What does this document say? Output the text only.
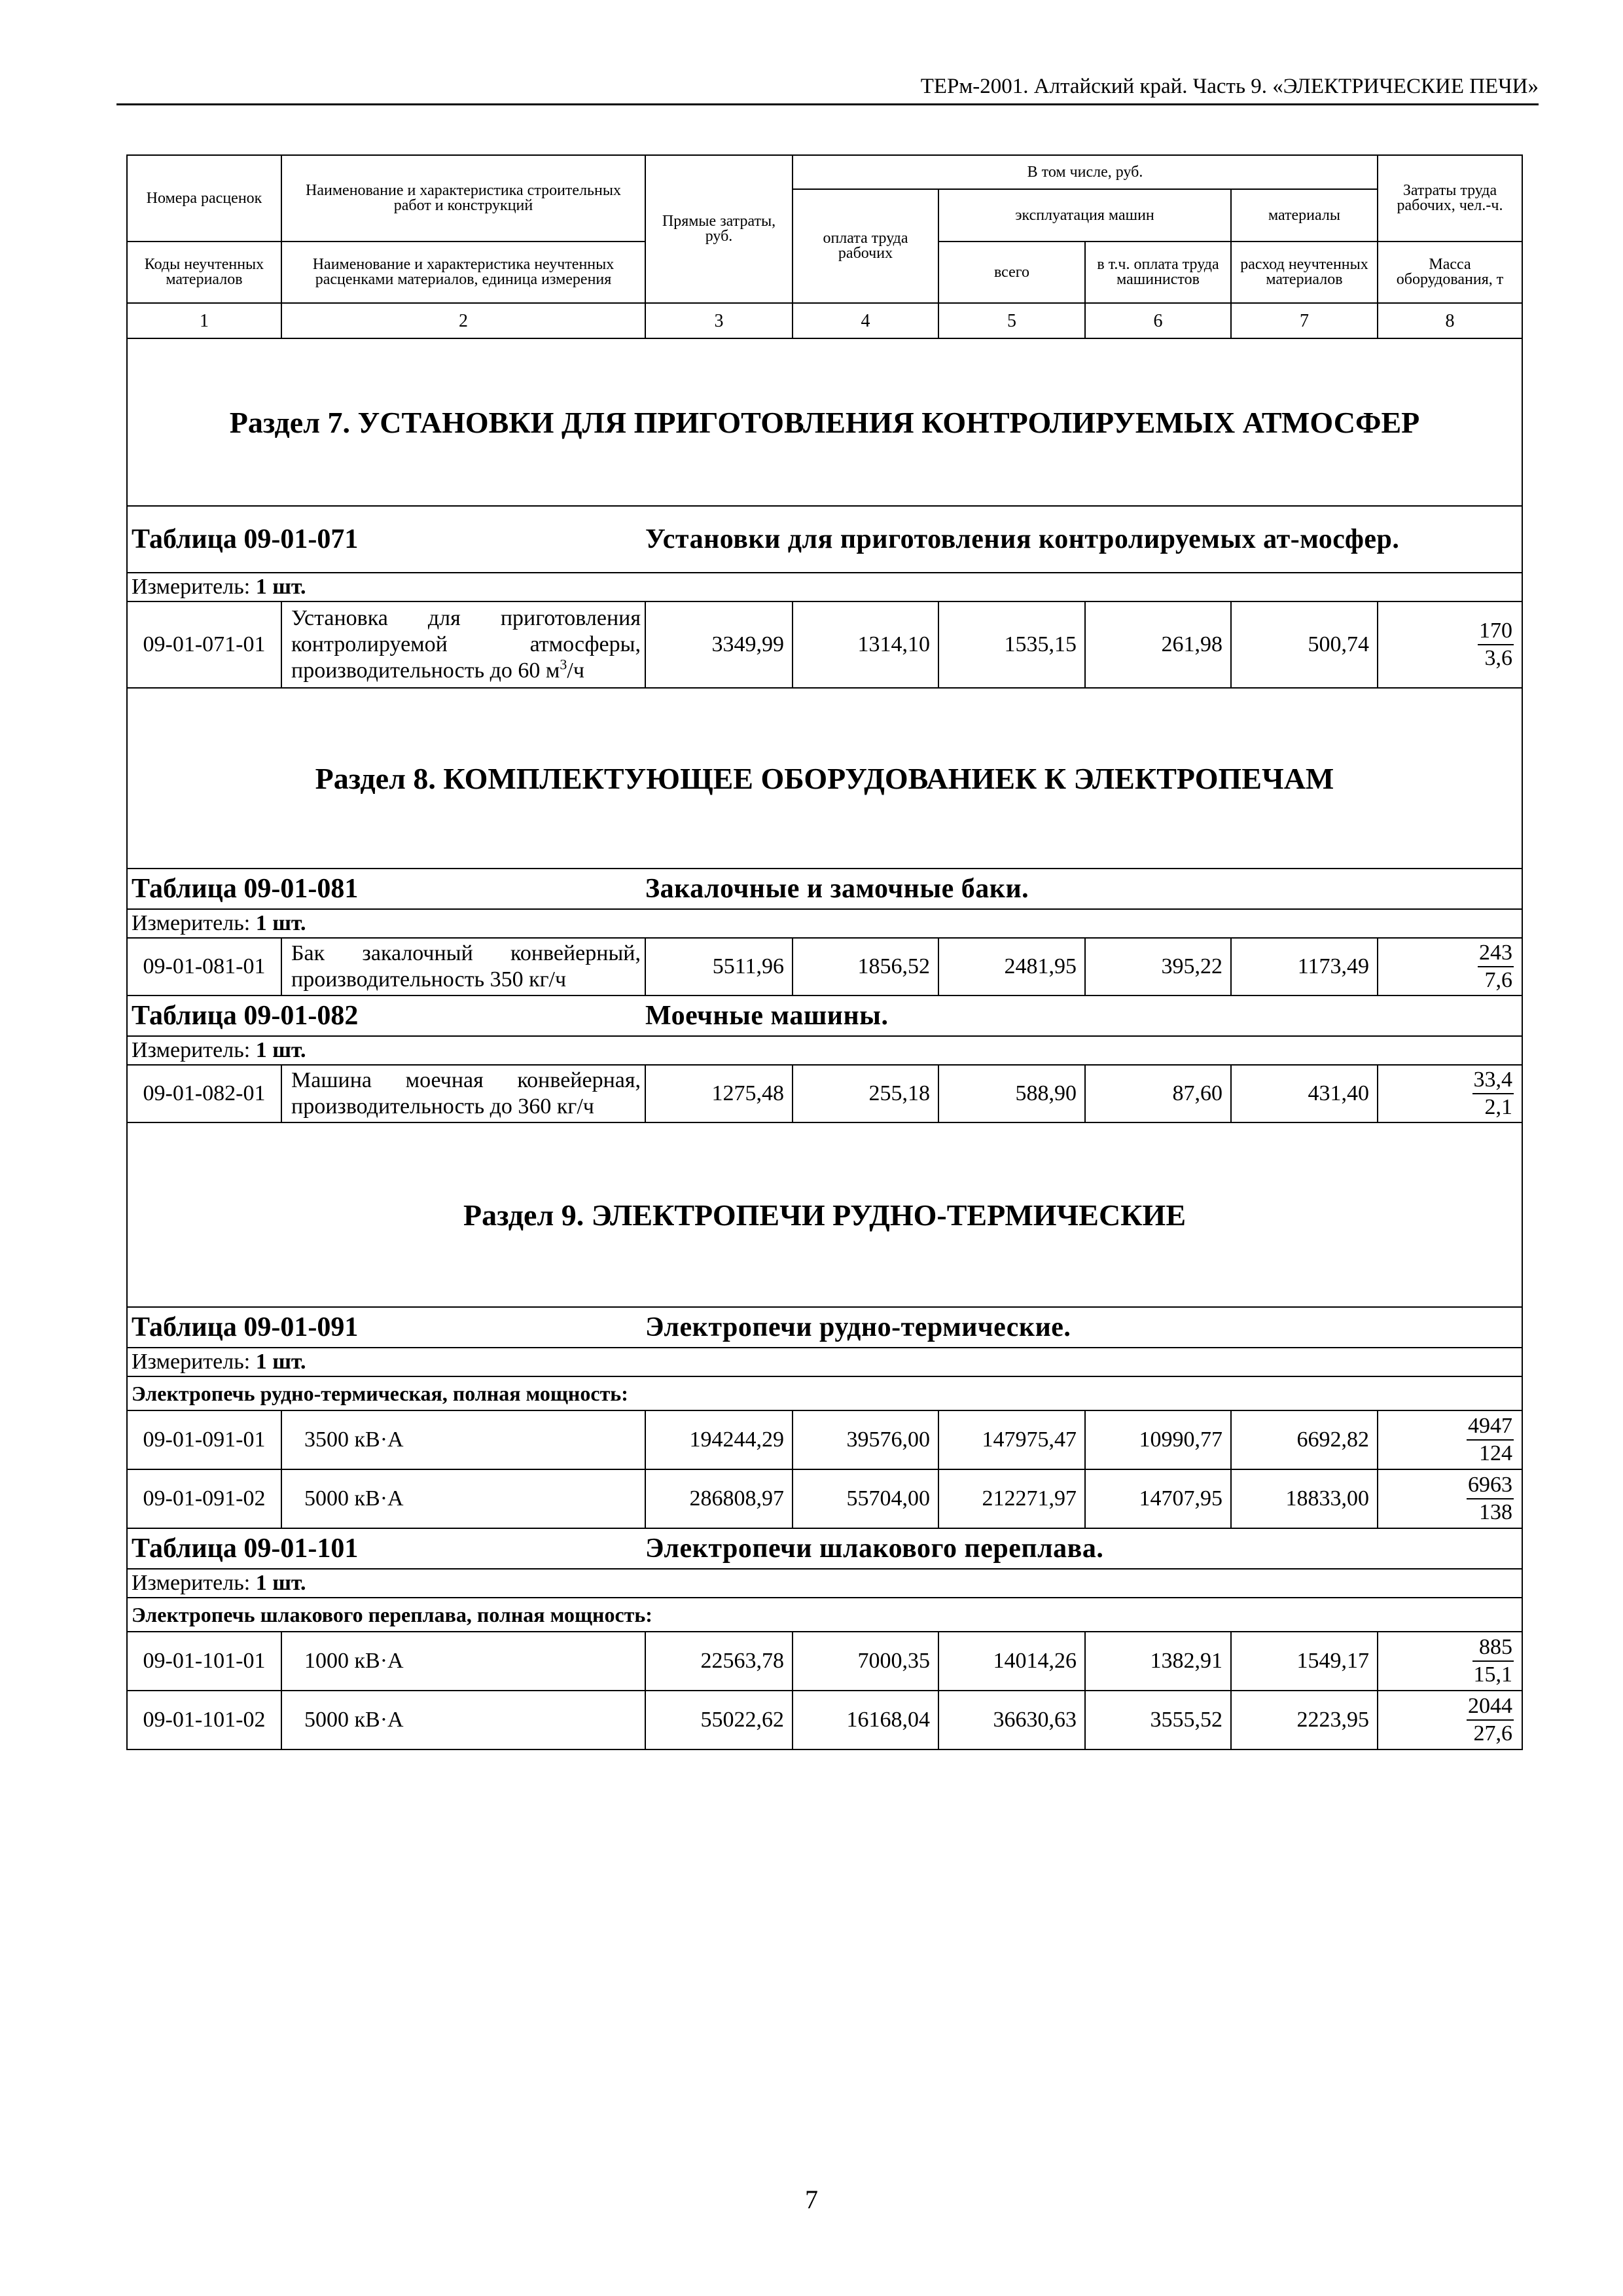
ТЕРм-2001. Алтайский край. Часть 9. «ЭЛЕКТРИЧЕСКИЕ ПЕЧИ»
Номера расценок	Наименование и характеристика строительных работ и конструкций	Прямые затраты, руб.	В том числе, руб.				Затраты труда рабочих, чел.-ч.
			оплата труда рабочих	эксплуатация машин		материалы	
Коды неучтенных материалов	Наименование и характеристика неучтенных расценками материалов, единица измерения			всего	в т.ч. оплата труда машинистов	расход неучтенных материалов	Масса оборудования, т
1	2	3	4	5	6	7	8
Раздел 7. УСТАНОВКИ ДЛЯ ПРИГОТОВЛЕНИЯ КОНТРОЛИРУЕМЫХ АТМОСФЕР							
Таблица 09-01-071 Установки для приготовления контролируемых ат-мосфер.							
Измеритель: 1 шт.							
09-01-071-01	Установка для приготовления контролируемой атмосферы, производительность до 60 $м^3/ч$	3349,99	1314,10	1535,15	261,98	500,74	$\frac{170}{3,6}$

Раздел 8. КОМПЛЕКТУЮЩЕЕ ОБОРУДОВАНИЕК К ЭЛЕКТРОПЕЧАМ							
Таблица 09-01-081 Закалочные и замочные баки.							
Измеритель: 1 шт.							
09-01-081-01	Бак закалочный конвейерный, производительность 350 кг/ч	5511,96	1856,52	2481,95	395,22	1173,49	$\frac{243}{7,6}$

Таблица 09-01-082 Моечные машины.							
Измеритель: 1 шт.							
09-01-082-01	Машина моечная конвейерная, производительность до 360 кг/ч	1275,48	255,18	588,90	87,60	431,40	$\frac{33,4}{2,1}$

Раздел 9. ЭЛЕКТРОПЕЧИ РУДНО-ТЕРМИЧЕСКИЕ							
Таблица 09-01-091 Электропечи рудно-термические.							
Измеритель: 1 шт.							
Электропечь рудно-термическая, полная мощность:							
09-01-091-01	3500 кВ·А	194244,29	39576,00	147975,47	10990,77	6692,82	$\frac{4947}{124}$

09-01-091-02	5000 кВ·А	286808,97	55704,00	212271,97	14707,95	18833,00	$\frac{6963}{138}$

Таблица 09-01-101 Электропечи шлакового переплава.							
Измеритель: 1 шт.							
Электропечь шлакового переплава, полная мощность:							
09-01-101-01	1000 кВ·А	22563,78	7000,35	14014,26	1382,91	1549,17	$\frac{885}{15,1}$

09-01-101-02	5000 кВ·А	55022,62	16168,04	36630,63	3555,52	2223,95	$\frac{2044}{27,6}$
7
